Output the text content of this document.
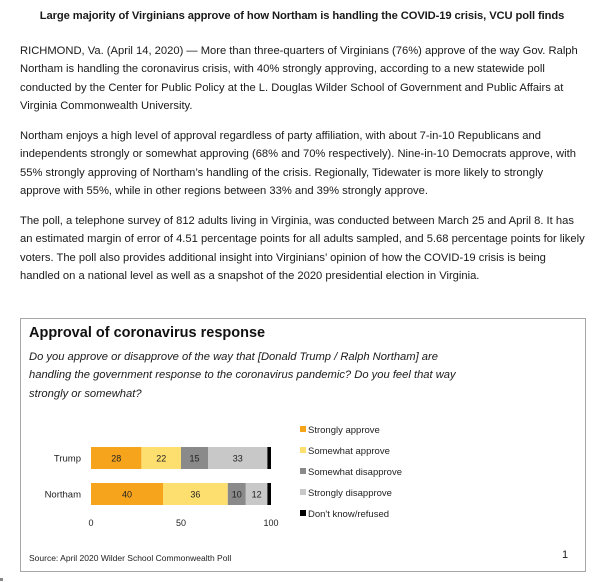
Large majority of Virginians approve of how Northam is handling the COVID-19 crisis, VCU poll finds

RICHMOND, Va. (April 14, 2020) — More than three-quarters of Virginians (76%) approve of the way Gov. Ralph Northam is handling the coronavirus crisis, with 40% strongly approving, according to a new statewide poll conducted by the Center for Public Policy at the L. Douglas Wilder School of Government and Public Affairs at Virginia Commonwealth University.

Northam enjoys a high level of approval regardless of party affiliation, with about 7-in-10 Republicans and independents strongly or somewhat approving (68% and 70% respectively). Nine-in-10 Democrats approve, with 55% strongly approving of Northam’s handling of the crisis. Regionally, Tidewater is more likely to strongly approve with 55%, while in other regions between 33% and 39% strongly approve.

The poll, a telephone survey of 812 adults living in Virginia, was conducted between March 25 and April 8. It has an estimated margin of error of 4.51 percentage points for all adults sampled, and 5.68 percentage points for likely voters. The poll also provides additional insight into Virginians’ opinion of how the COVID-19 crisis is being handled on a national level as well as a snapshot of the 2020 presidential election in Virginia.

Approval of coronavirus response

Do you approve or disapprove of the way that [Donald Trump / Ralph Northam] are handling the government response to the coronavirus pandemic? Do you feel that way strongly or somewhat?

Trump	28	22	15	33
Northam	40	36	10 12
0	50	100
Strongly approve
Somewhat approve
Somewhat disapprove
Strongly disapprove
Don't know/refused
Source: April 2020 Wilder School Commonwealth Poll	1
